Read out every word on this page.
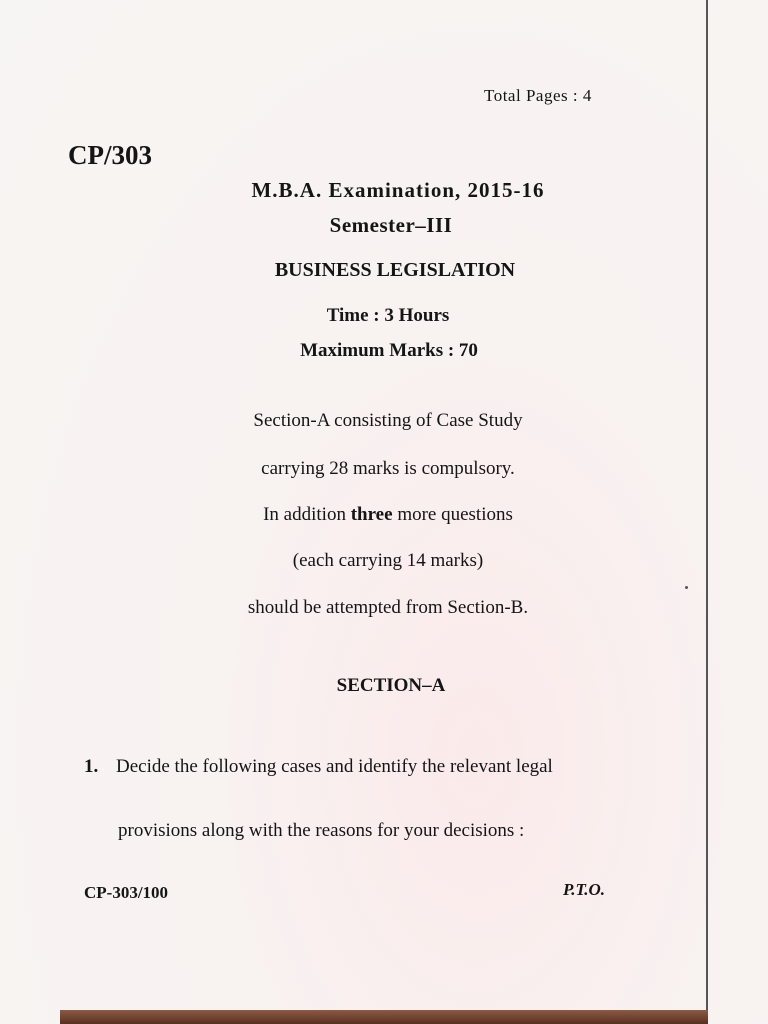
Total Pages : 4
CP/303
M.B.A. Examination, 2015-16
Semester–III
BUSINESS LEGISLATION
Time : 3 Hours
Maximum Marks : 70
Section-A consisting of Case Study
carrying 28 marks is compulsory.
In addition three more questions
(each carrying 14 marks)
should be attempted from Section-B.
SECTION–A
1. Decide the following cases and identify the relevant legal
provisions along with the reasons for your decisions :
CP-303/100	P.T.O.
